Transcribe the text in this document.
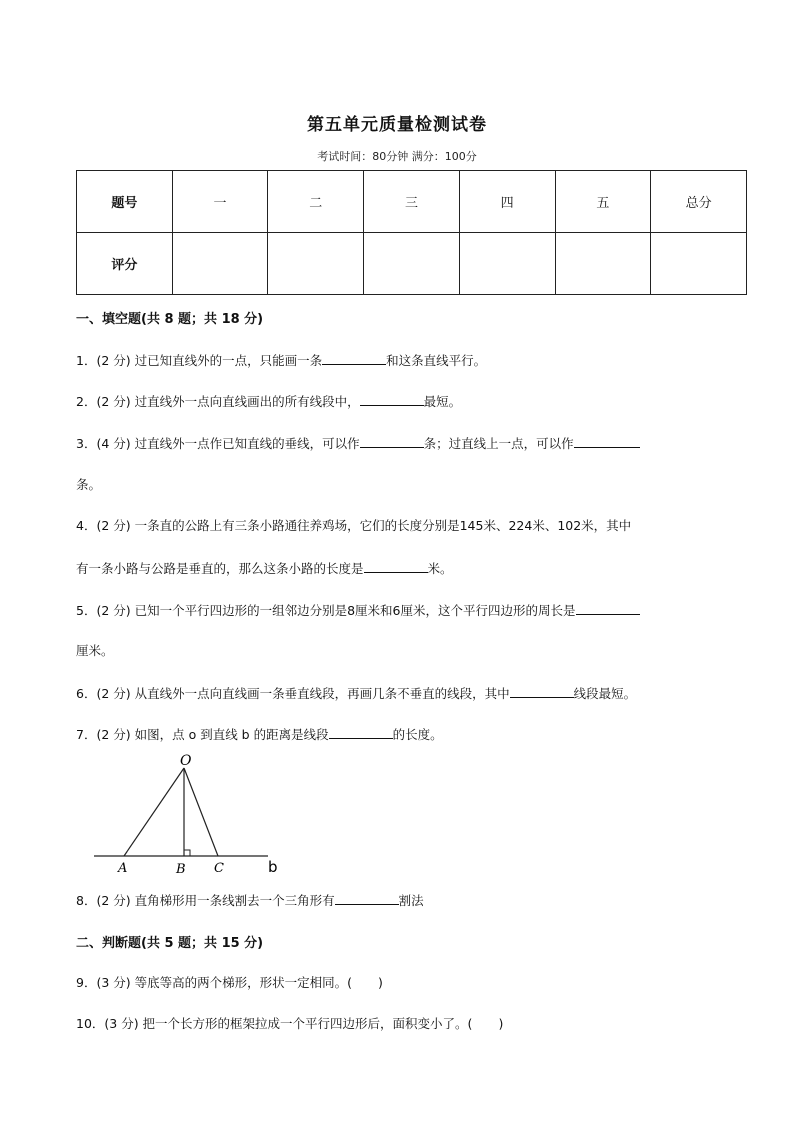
第五单元质量检测试卷
考试时间：80分钟 满分：100分
题号	一	二	三	四	五	总分
评分						
一、填空题(共 8 题；共 18 分)
1．(2 分) 过已知直线外的一点，只能画一条	和这条直线平行。
2．(2 分) 过直线外一点向直线画出的所有线段中，	最短。
3．(4 分) 过直线外一点作已知直线的垂线，可以作	条；过直线上一点，可以作
条。
4．(2 分) 一条直的公路上有三条小路通往养鸡场，它们的长度分别是145米、224米、102米，其中
有一条小路与公路是垂直的，那么这条小路的长度是	米。
5．(2 分) 已知一个平行四边形的一组邻边分别是8厘米和6厘米，这个平行四边形的周长是
厘米。
6．(2 分) 从直线外一点向直线画一条垂直线段，再画几条不垂直的线段，其中	线段最短。
7．(2 分) 如图，点 o 到直线 b 的距离是线段	的长度。
O
A	B C	b
8．(2 分) 直角梯形用一条线割去一个三角形有	割法
二、判断题(共 5 题；共 15 分)
9．(3 分) 等底等高的两个梯形，形状一定相同。( )
10．(3 分) 把一个长方形的框架拉成一个平行四边形后，面积变小了。( )
